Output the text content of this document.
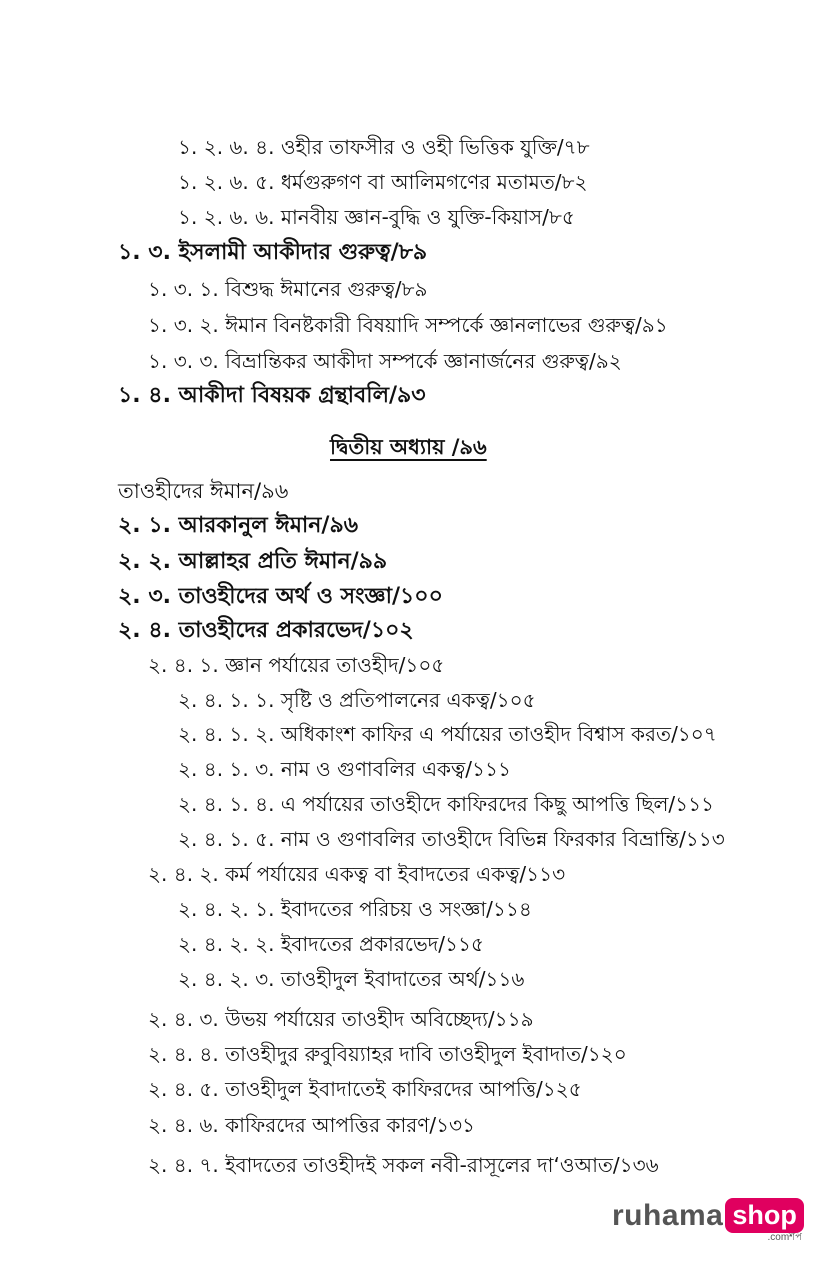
১. ২. ৬. ৪. ওহীর তাফসীর ও ওহী ভিত্তিক যুক্তি/৭৮
১. ২. ৬. ৫. ধর্মগুরুগণ বা আলিমগণের মতামত/৮২
১. ২. ৬. ৬. মানবীয় জ্ঞান-বুদ্ধি ও যুক্তি-কিয়াস/৮৫
১. ৩. ইসলামী আকীদার গুরুত্ব/৮৯
১. ৩. ১. বিশুদ্ধ ঈমানের গুরুত্ব/৮৯
১. ৩. ২. ঈমান বিনষ্টকারী বিষয়াদি সম্পর্কে জ্ঞানলাভের গুরুত্ব/৯১
১. ৩. ৩. বিভ্রান্তিকর আকীদা সম্পর্কে জ্ঞানার্জনের গুরুত্ব/৯২
১. ৪. আকীদা বিষয়ক গ্রন্থাবলি/৯৩
দ্বিতীয় অধ্যায় /৯৬
তাওহীদের ঈমান/৯৬
২. ১. আরকানুল ঈমান/৯৬
২. ২. আল্লাহর প্রতি ঈমান/৯৯
২. ৩. তাওহীদের অর্থ ও সংজ্ঞা/১০০
২. ৪. তাওহীদের প্রকারভেদ/১০২
২. ৪. ১. জ্ঞান পর্যায়ের তাওহীদ/১০৫
২. ৪. ১. ১. সৃষ্টি ও প্রতিপালনের একত্ব/১০৫
২. ৪. ১. ২. অধিকাংশ কাফির এ পর্যায়ের তাওহীদ বিশ্বাস করত/১০৭
২. ৪. ১. ৩. নাম ও গুণাবলির একত্ব/১১১
২. ৪. ১. ৪. এ পর্যায়ের তাওহীদে কাফিরদের কিছু আপত্তি ছিল/১১১
২. ৪. ১. ৫. নাম ও গুণাবলির তাওহীদে বিভিন্ন ফিরকার বিভ্রান্তি/১১৩
২. ৪. ২. কর্ম পর্যায়ের একত্ব বা ইবাদতের একত্ব/১১৩
২. ৪. ২. ১. ইবাদতের পরিচয় ও সংজ্ঞা/১১৪
২. ৪. ২. ২. ইবাদতের প্রকারভেদ/১১৫
২. ৪. ২. ৩. তাওহীদুল ইবাদাতের অর্থ/১১৬
২. ৪. ৩. উভয় পর্যায়ের তাওহীদ অবিচ্ছেদ্য/১১৯
২. ৪. ৪. তাওহীদুর রুবুবিয়্যাহর দাবি তাওহীদুল ইবাদাত/১২০
২. ৪. ৫. তাওহীদুল ইবাদাতেই কাফিরদের আপত্তি/১২৫
২. ৪. ৬. কাফিরদের আপত্তির কারণ/১৩১
২. ৪. ৭. ইবাদতের তাওহীদই সকল নবী-রাসূলের দা‘ওআত/১৩৬
ruhama shop
.comশপ
